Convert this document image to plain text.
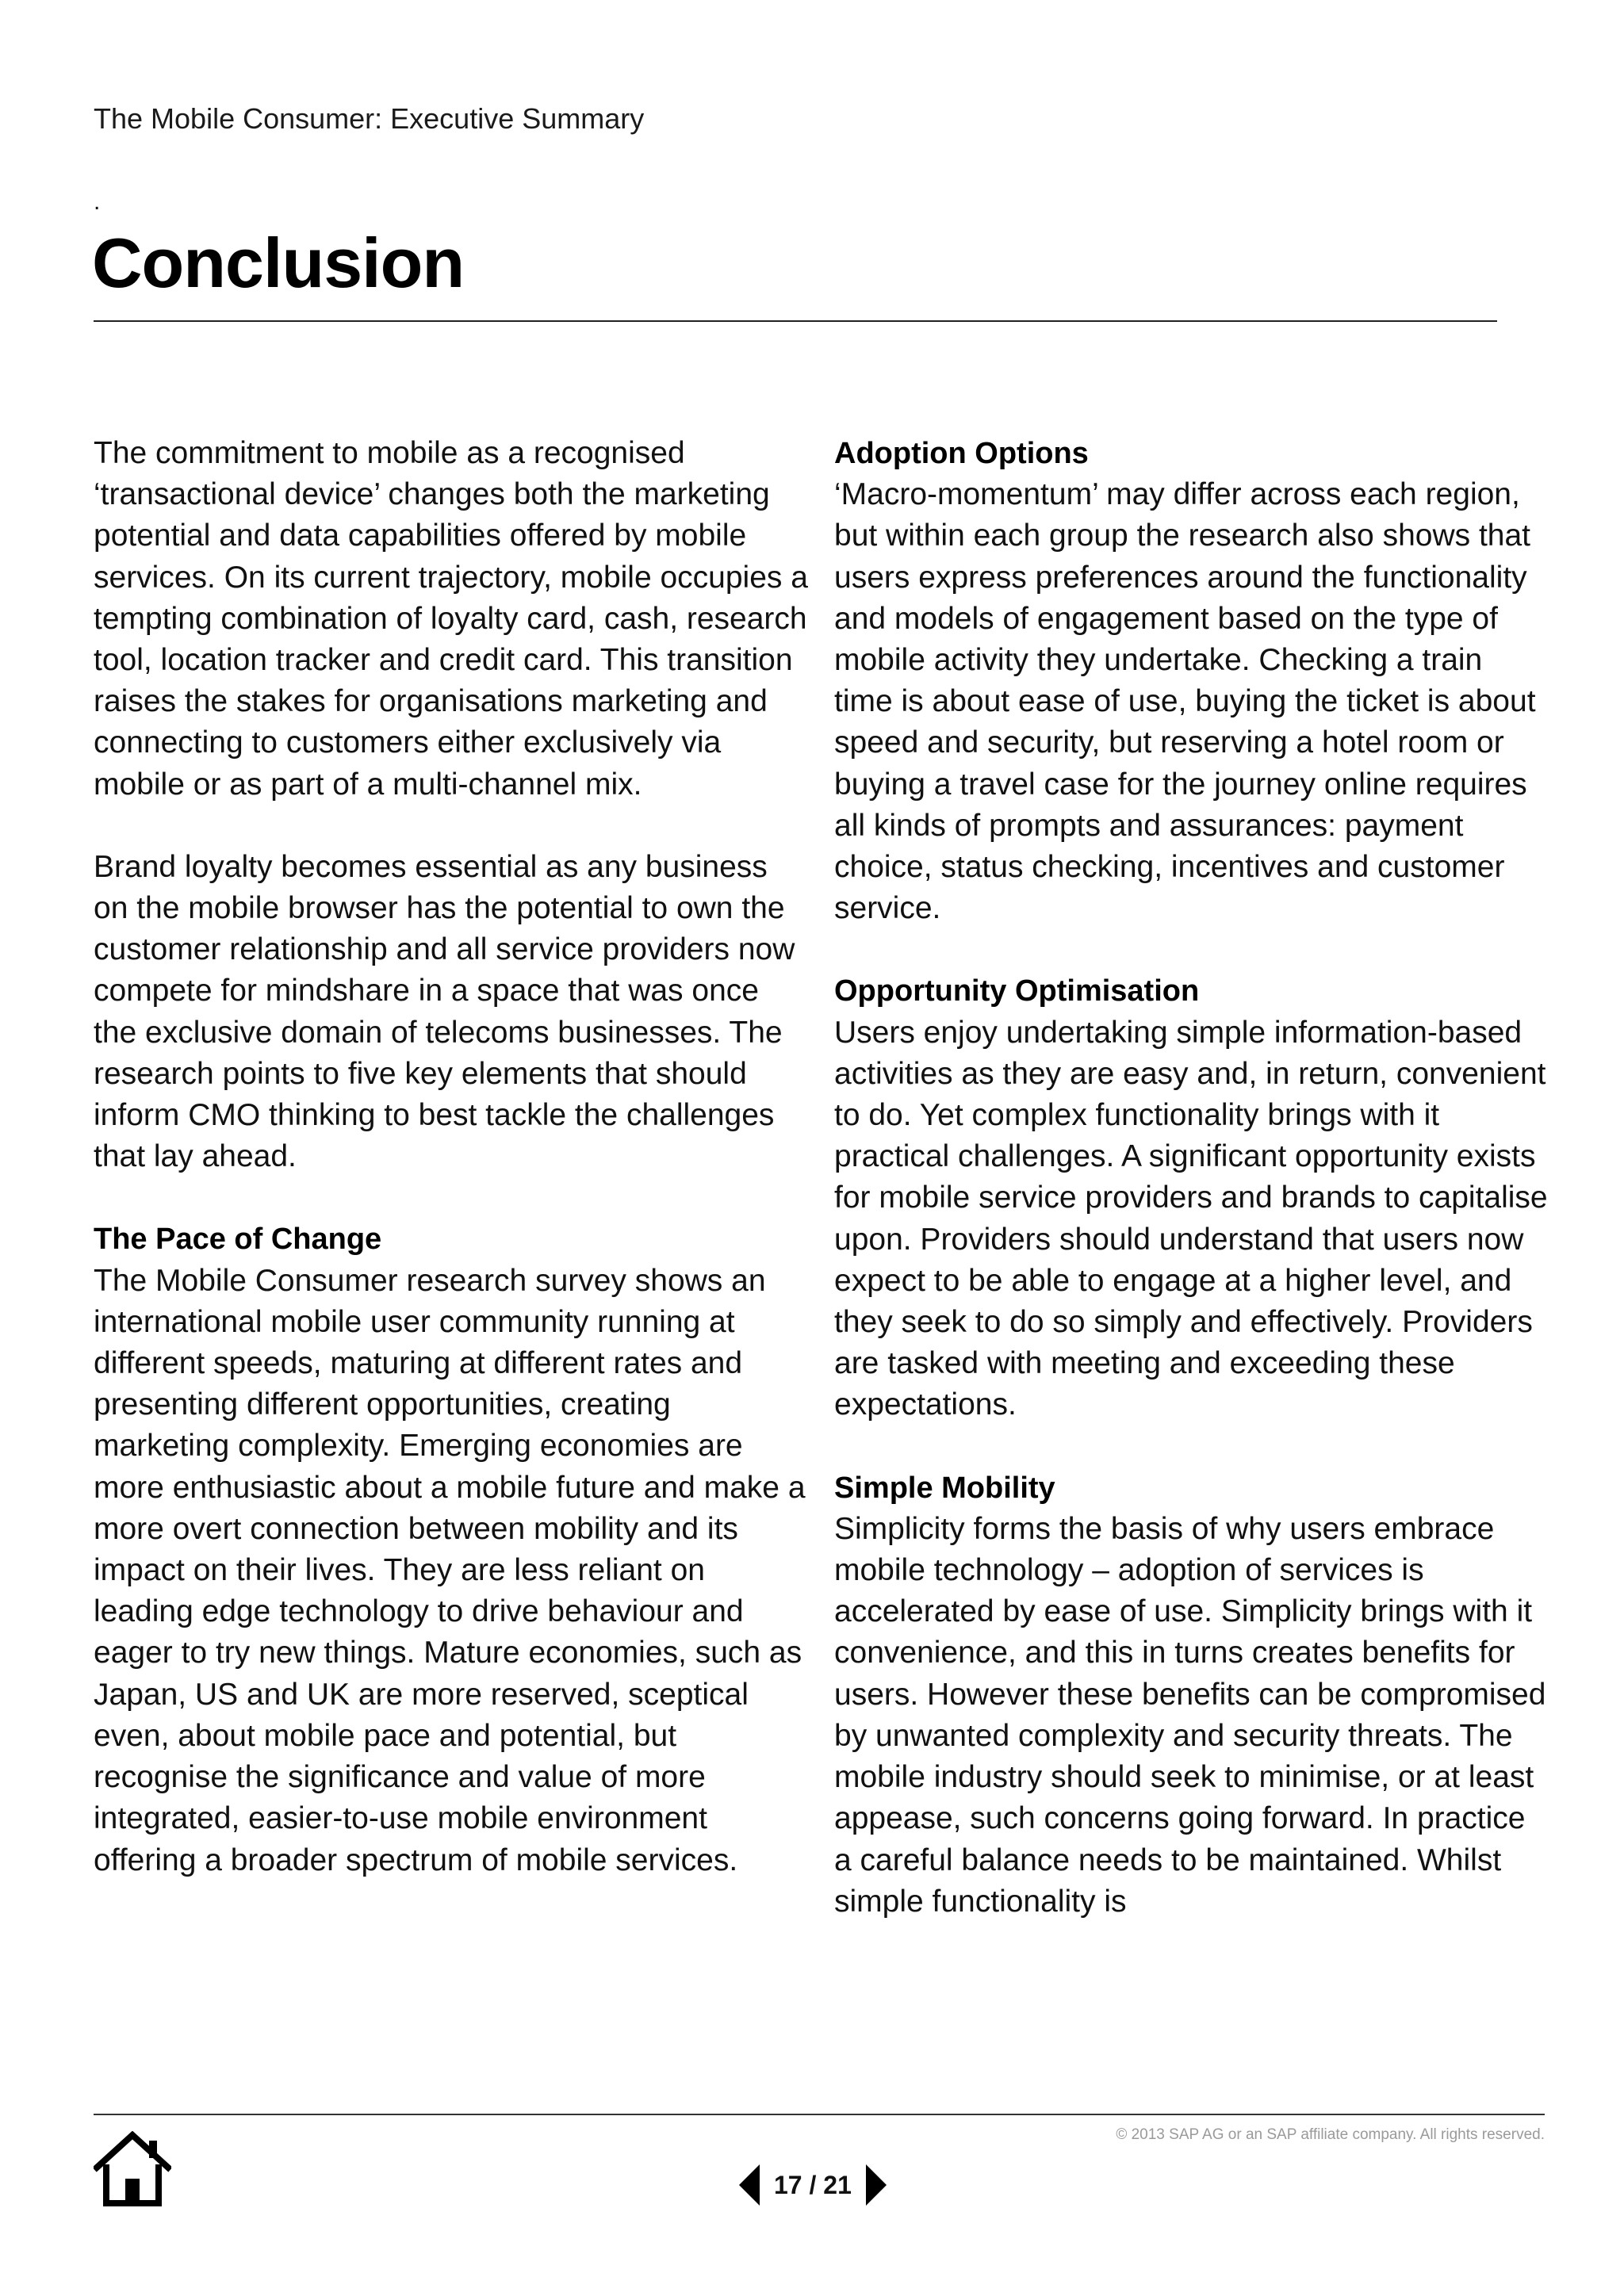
The Mobile Consumer: Executive Summary
.
Conclusion

The commitment to mobile as a recognised ‘transactional device’ changes both the marketing potential and data capabilities offered by mobile services. On its current trajectory, mobile occupies a tempting combination of loyalty card, cash, research tool, location tracker and credit card. This transition raises the stakes for organisations marketing and connecting to customers either exclusively via mobile or as part of a multi-channel mix.

Brand loyalty becomes essential as any business on the mobile browser has the potential to own the customer relationship and all service providers now compete for mindshare in a space that was once the exclusive domain of telecoms businesses. The research points to five key elements that should inform CMO thinking to best tackle the challenges that lay ahead.

The Pace of Change

The Mobile Consumer research survey shows an international mobile user community running at different speeds, maturing at different rates and presenting different opportunities, creating marketing complexity. Emerging economies are more enthusiastic about a mobile future and make a more overt connection between mobility and its impact on their lives. They are less reliant on leading edge technology to drive behaviour and eager to try new things. Mature economies, such as Japan, US and UK are more reserved, sceptical even, about mobile pace and potential, but recognise the significance and value of more integrated, easier-to-use mobile environment offering a broader spectrum of mobile services.

Adoption Options

‘Macro-momentum’ may differ across each region, but within each group the research also shows that users express preferences around the functionality and models of engagement based on the type of mobile activity they undertake. Checking a train time is about ease of use, buying the ticket is about speed and security, but reserving a hotel room or buying a travel case for the journey online requires all kinds of prompts and assurances: payment choice, status checking, incentives and customer service.

Opportunity Optimisation

Users enjoy undertaking simple information-based activities as they are easy and, in return, convenient to do. Yet complex functionality brings with it practical challenges. A significant opportunity exists for mobile service providers and brands to capitalise upon. Providers should understand that users now expect to be able to engage at a higher level, and they seek to do so simply and effectively. Providers are tasked with meeting and exceeding these expectations.

Simple Mobility

Simplicity forms the basis of why users embrace mobile technology – adoption of services is accelerated by ease of use. Simplicity brings with it convenience, and this in turns creates benefits for users. However these benefits can be compromised by unwanted complexity and security threats. The mobile industry should seek to minimise, or at least appease, such concerns going forward. In practice a careful balance needs to be maintained. Whilst simple functionality is

© 2013 SAP AG or an SAP affiliate company. All rights reserved.
17 / 21
